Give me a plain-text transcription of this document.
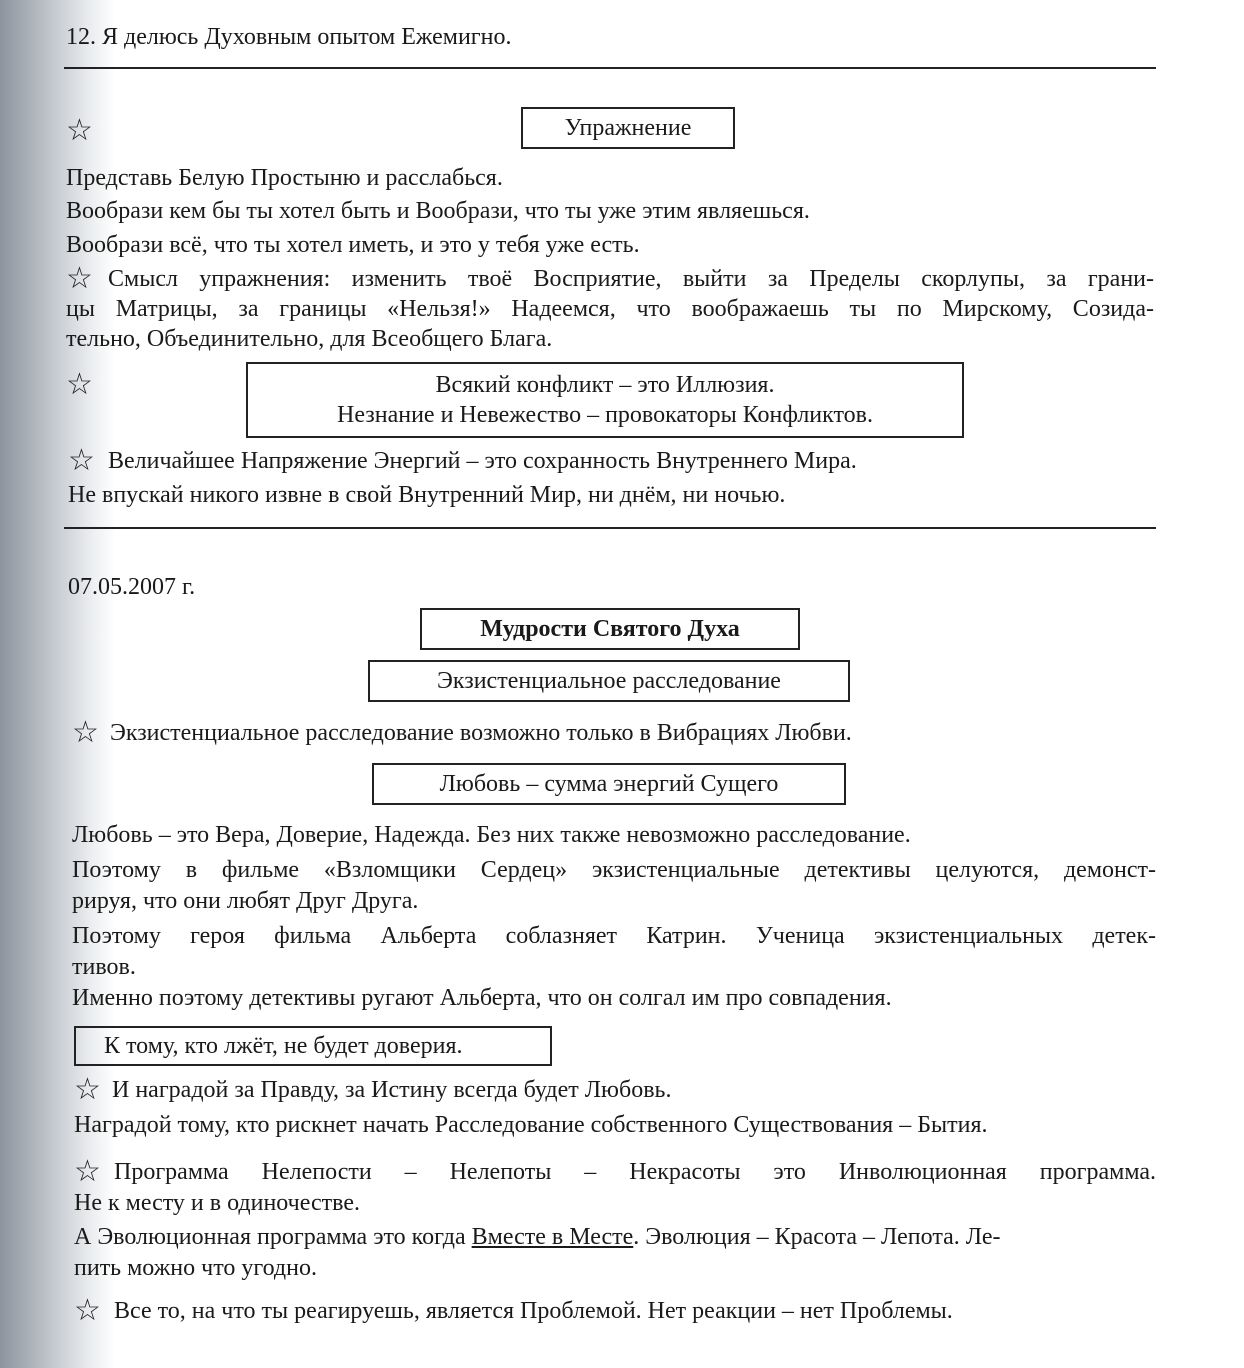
12. Я делюсь Духовным опытом Ежемигно.
☆	Упражнение
Представь Белую Простыню и расслабься.
Вообрази кем бы ты хотел быть и Вообрази, что ты уже этим являешься.
Вообрази всё, что ты хотел иметь, и это у тебя уже есть.
☆ Смысл упражнения: изменить твоё Восприятие, выйти за Пределы скорлупы, за грани-
цы Матрицы, за границы «Нельзя!» Надеемся, что воображаешь ты по Мирскому, Созида-
тельно, Объединительно, для Всеобщего Блага.
☆	Всякий конфликт – это Иллюзия.
Незнание и Невежество – провокаторы Конфликтов.
☆ Величайшее Напряжение Энергий – это сохранность Внутреннего Мира.
Не впускай никого извне в свой Внутренний Мир, ни днём, ни ночью.
07.05.2007 г.
Мудрости Святого Духа
Экзистенциальное расследование
☆ Экзистенциальное расследование возможно только в Вибрациях Любви.
Любовь – сумма энергий Сущего
Любовь – это Вера, Доверие, Надежда. Без них также невозможно расследование.
Поэтому в фильме «Взломщики Сердец» экзистенциальные детективы целуются, демонст-
рируя, что они любят Друг Друга.
Поэтому героя фильма Альберта соблазняет Катрин. Ученица экзистенциальных детек-
тивов.
Именно поэтому детективы ругают Альберта, что он солгал им про совпадения.
К тому, кто лжёт, не будет доверия.
☆ И наградой за Правду, за Истину всегда будет Любовь.
Наградой тому, кто рискнет начать Расследование собственного Существования – Бытия.
☆ Программа Нелепости – Нелепоты – Некрасоты это Инволюционная программа.
Не к месту и в одиночестве.
А Эволюционная программа это когда Вместе в Месте. Эволюция – Красота – Лепота. Ле-
пить можно что угодно.
☆ Все то, на что ты реагируешь, является Проблемой. Нет реакции – нет Проблемы.
